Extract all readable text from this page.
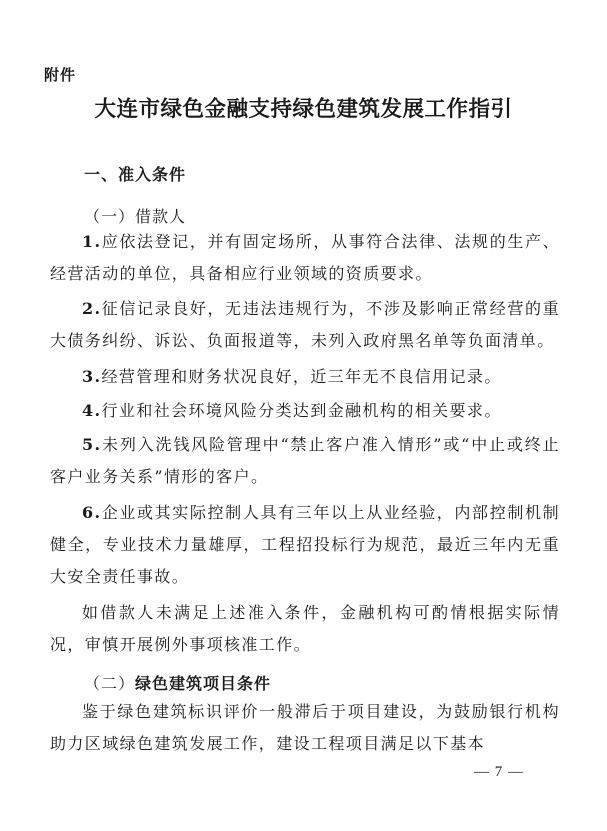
附件
大连市绿色金融支持绿色建筑发展工作指引
一、准入条件
（一）借款人
1.应依法登记，并有固定场所，从事符合法律、法规的生产、经营活动的单位，具备相应行业领域的资质要求。
2.征信记录良好，无违法违规行为，不涉及影响正常经营的重大债务纠纷、诉讼、负面报道等，未列入政府黑名单等负面清单。
3.经营管理和财务状况良好，近三年无不良信用记录。
4.行业和社会环境风险分类达到金融机构的相关要求。
5.未列入洗钱风险管理中“禁止客户准入情形”或“中止或终止客户业务关系”情形的客户。
6.企业或其实际控制人具有三年以上从业经验，内部控制机制健全，专业技术力量雄厚，工程招投标行为规范，最近三年内无重大安全责任事故。
如借款人未满足上述准入条件，金融机构可酌情根据实际情况，审慎开展例外事项核准工作。
（二）绿色建筑项目条件
鉴于绿色建筑标识评价一般滞后于项目建设，为鼓励银行机构助力区域绿色建筑发展工作，建设工程项目满足以下基本
— 7 —
